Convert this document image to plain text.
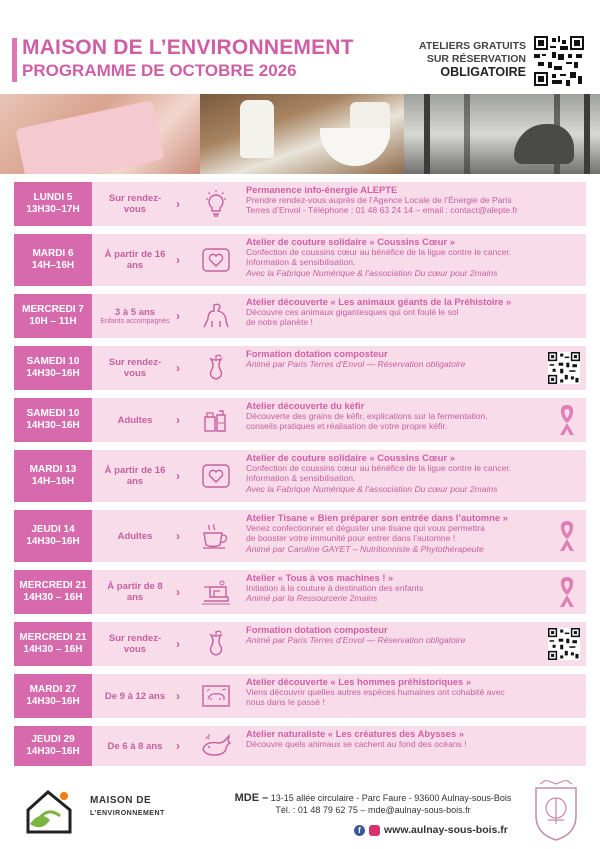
MAISON DE L’ENVIRONNEMENT
PROGRAMME DE OCTOBRE 2026
ATELIERS GRATUITS
SUR RÉSERVATION
OBLIGATOIRE
LUNDI 5
13H30–17H
Sur rendez-vous	›
Permanence info-énergie ALEPTE
Prendre rendez-vous auprès de l’Agence Locale de l’Énergie de Paris
Terres d’Envol - Téléphone : 01 48 63 24 14 – email : contact@alepte.fr
MARDI 6
14H–16H
À partir de 16 ans	›
Atelier de couture solidaire « Coussins Cœur »
Confection de coussins cœur au bénéfice de la ligue contre le cancer.
Information & sensibilisation.
Avec la Fabrique Numérique & l’association Du cœur pour 2mains
MERCREDI 7
10H – 11H
3 à 5 ans
Enfants accompagnés ›
Atelier découverte « Les animaux géants de la Préhistoire »
Découvre ces animaux gigantesques qui ont foulé le sol
de notre planète !
SAMEDI 10
14H30–16H
Sur rendez-vous	›
Formation dotation composteur
Animé par Paris Terres d’Envol — Réservation obligatoire
SAMEDI 10
14H30–16H	Adultes ›
Atelier découverte du kéfir
Découverte des grains de kéfir, explications sur la fermentation,
conseils pratiques et réalisation de votre propre kéfir.
MARDI 13
14H–16H
À partir de 16 ans	›
Atelier de couture solidaire « Coussins Cœur »
Confection de coussins cœur au bénéfice de la ligue contre le cancer.
Information & sensibilisation.
Avec la Fabrique Numérique & l’association Du cœur pour 2mains
JEUDI 14
14H30–16H	Adultes ›
Atelier Tisane « Bien préparer son entrée dans l’automne »
Venez confectionner et déguster une tisane qui vous permettra
de booster votre immunité pour entrer dans l’automne !
Animé par Caroline GAYET – Nutritionniste & Phytothérapeute
MERCREDI 21
14H30 – 16H
À partir de 8 ans	›
Atelier « Tous à vos machines ! »
Initiation à la couture à destination des enfants
Animé par la Ressourcerie 2mains
MERCREDI 21
14H30 – 16H
Sur rendez-vous	›
Formation dotation composteur
Animé par Paris Terres d’Envol — Réservation obligatoire
MARDI 27
14H30–16H	De 9 à 12 ans ›
Atelier découverte « Les hommes préhistoriques »
Viens découvrir quelles autres espèces humaines ont cohabité avec
nous dans le passé !
JEUDI 29
14H30–16H	De 6 à 8 ans ›
Atelier naturaliste « Les créatures des Abysses »
Découvre quels animaux se cachent au fond des océans !
MAISON DE
L’ENVIRONNEMENT
MDE – 13-15 allée circulaire - Parc Faure - 93600 Aulnay-sous-Bois
Tél. : 01 48 79 62 75 – mde@aulnay-sous-bois.fr
f	www.aulnay-sous-bois.fr
